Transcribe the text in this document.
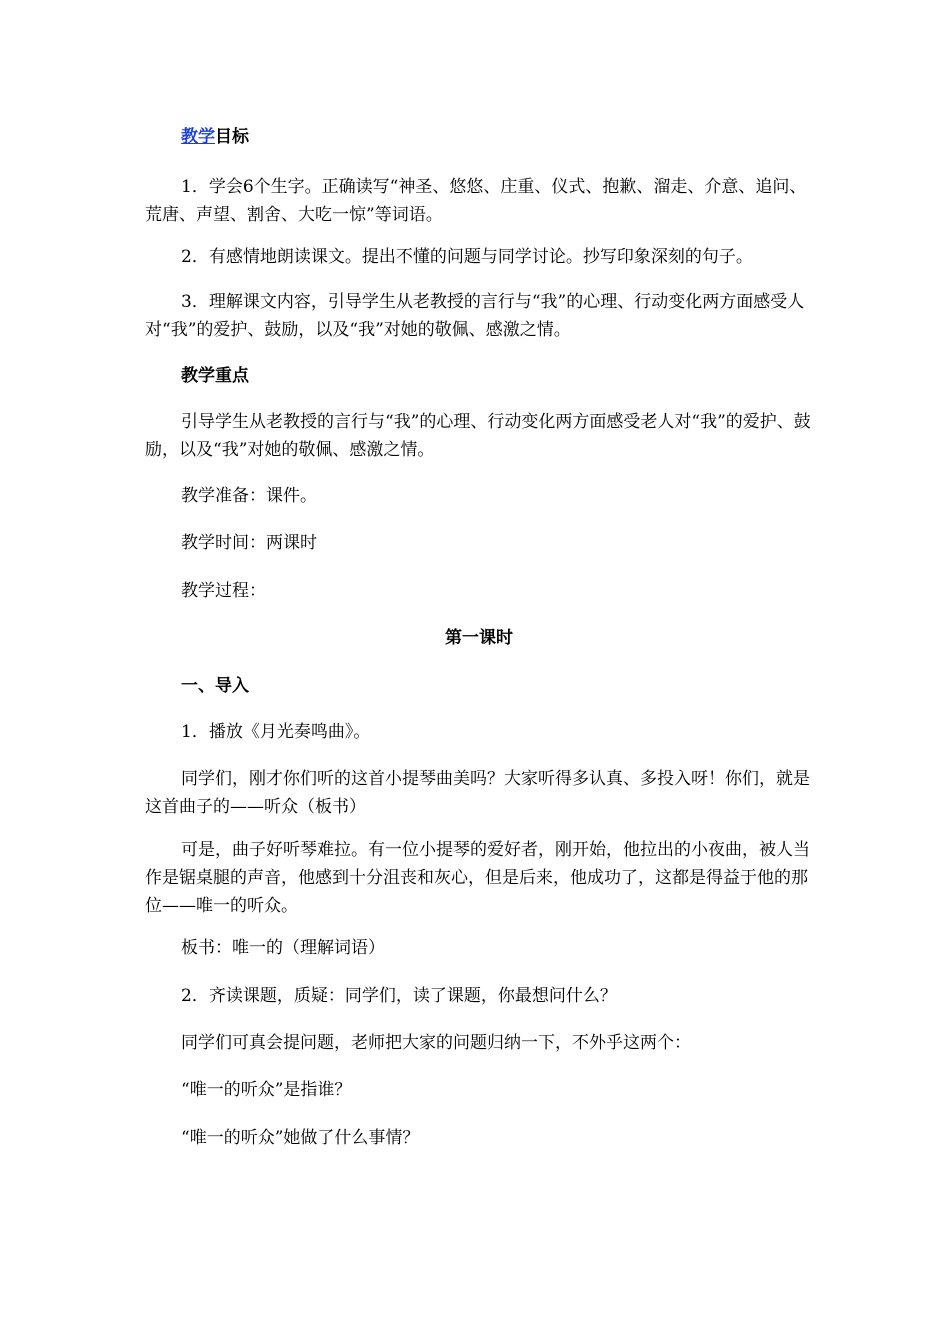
教学目标

1．学会6个生字。正确读写“神圣、悠悠、庄重、仪式、抱歉、溜走、介意、追问、荒唐、声望、割舍、大吃一惊”等词语。

2．有感情地朗读课文。提出不懂的问题与同学讨论。抄写印象深刻的句子。

3．理解课文内容，引导学生从老教授的言行与“我”的心理、行动变化两方面感受人对“我”的爱护、鼓励，以及“我”对她的敬佩、感激之情。

教学重点

引导学生从老教授的言行与“我”的心理、行动变化两方面感受老人对“我”的爱护、鼓励，以及“我”对她的敬佩、感激之情。

教学准备：课件。

教学时间：两课时

教学过程：

第一课时

一、导入

1．播放《月光奏鸣曲》。

同学们，刚才你们听的这首小提琴曲美吗？大家听得多认真、多投入呀！你们，就是这首曲子的——听众（板书）

可是，曲子好听琴难拉。有一位小提琴的爱好者，刚开始，他拉出的小夜曲，被人当作是锯桌腿的声音，他感到十分沮丧和灰心，但是后来，他成功了，这都是得益于他的那位——唯一的听众。

板书：唯一的（理解词语）

2．齐读课题，质疑：同学们，读了课题，你最想问什么？

同学们可真会提问题，老师把大家的问题归纳一下，不外乎这两个：

“唯一的听众”是指谁？

“唯一的听众”她做了什么事情？
